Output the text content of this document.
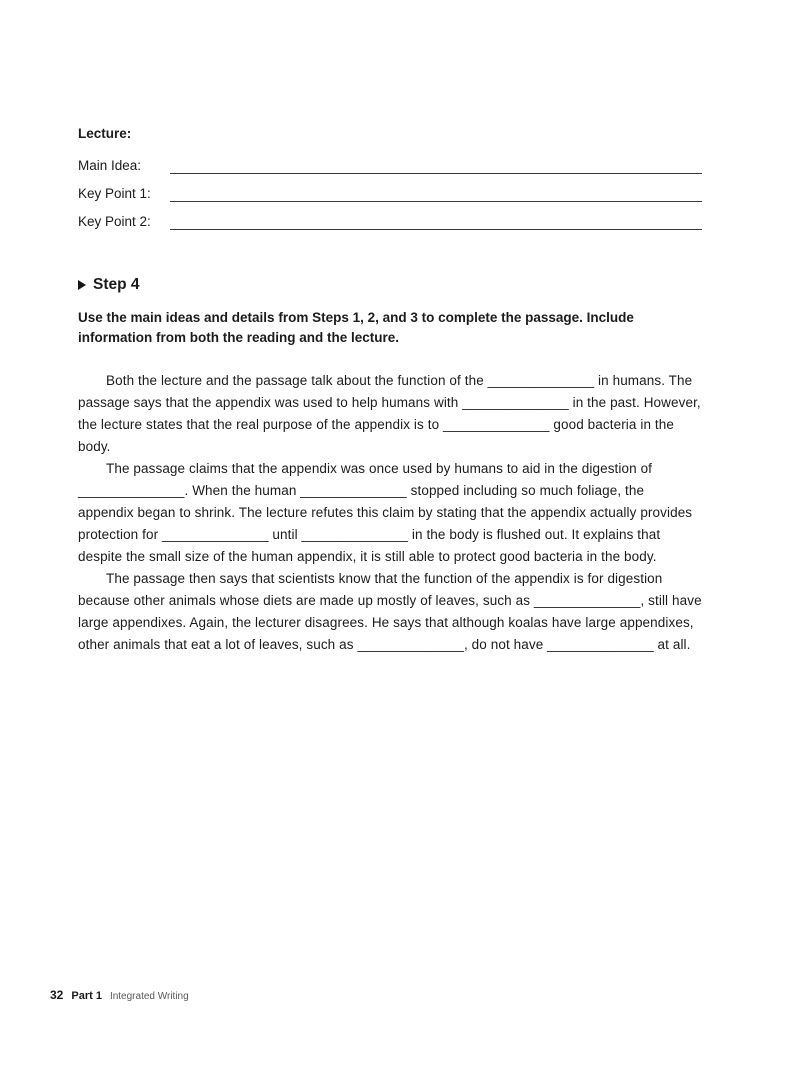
Lecture:
Main Idea:
Key Point 1:
Key Point 2:
Step 4

Use the main ideas and details from Steps 1, 2, and 3 to complete the passage. Include information from both the reading and the lecture.

Both the lecture and the passage talk about the function of the ______________ in humans. The passage says that the appendix was used to help humans with ______________ in the past. However, the lecture states that the real purpose of the appendix is to ______________ good bacteria in the body.

The passage claims that the appendix was once used by humans to aid in the digestion of ______________. When the human ______________ stopped including so much foliage, the appendix began to shrink. The lecture refutes this claim by stating that the appendix actually provides protection for ______________ until ______________ in the body is flushed out. It explains that despite the small size of the human appendix, it is still able to protect good bacteria in the body.

The passage then says that scientists know that the function of the appendix is for digestion because other animals whose diets are made up mostly of leaves, such as ______________, still have large appendixes. Again, the lecturer disagrees. He says that although koalas have large appendixes, other animals that eat a lot of leaves, such as ______________, do not have ______________ at all.

32 Part 1 Integrated Writing
